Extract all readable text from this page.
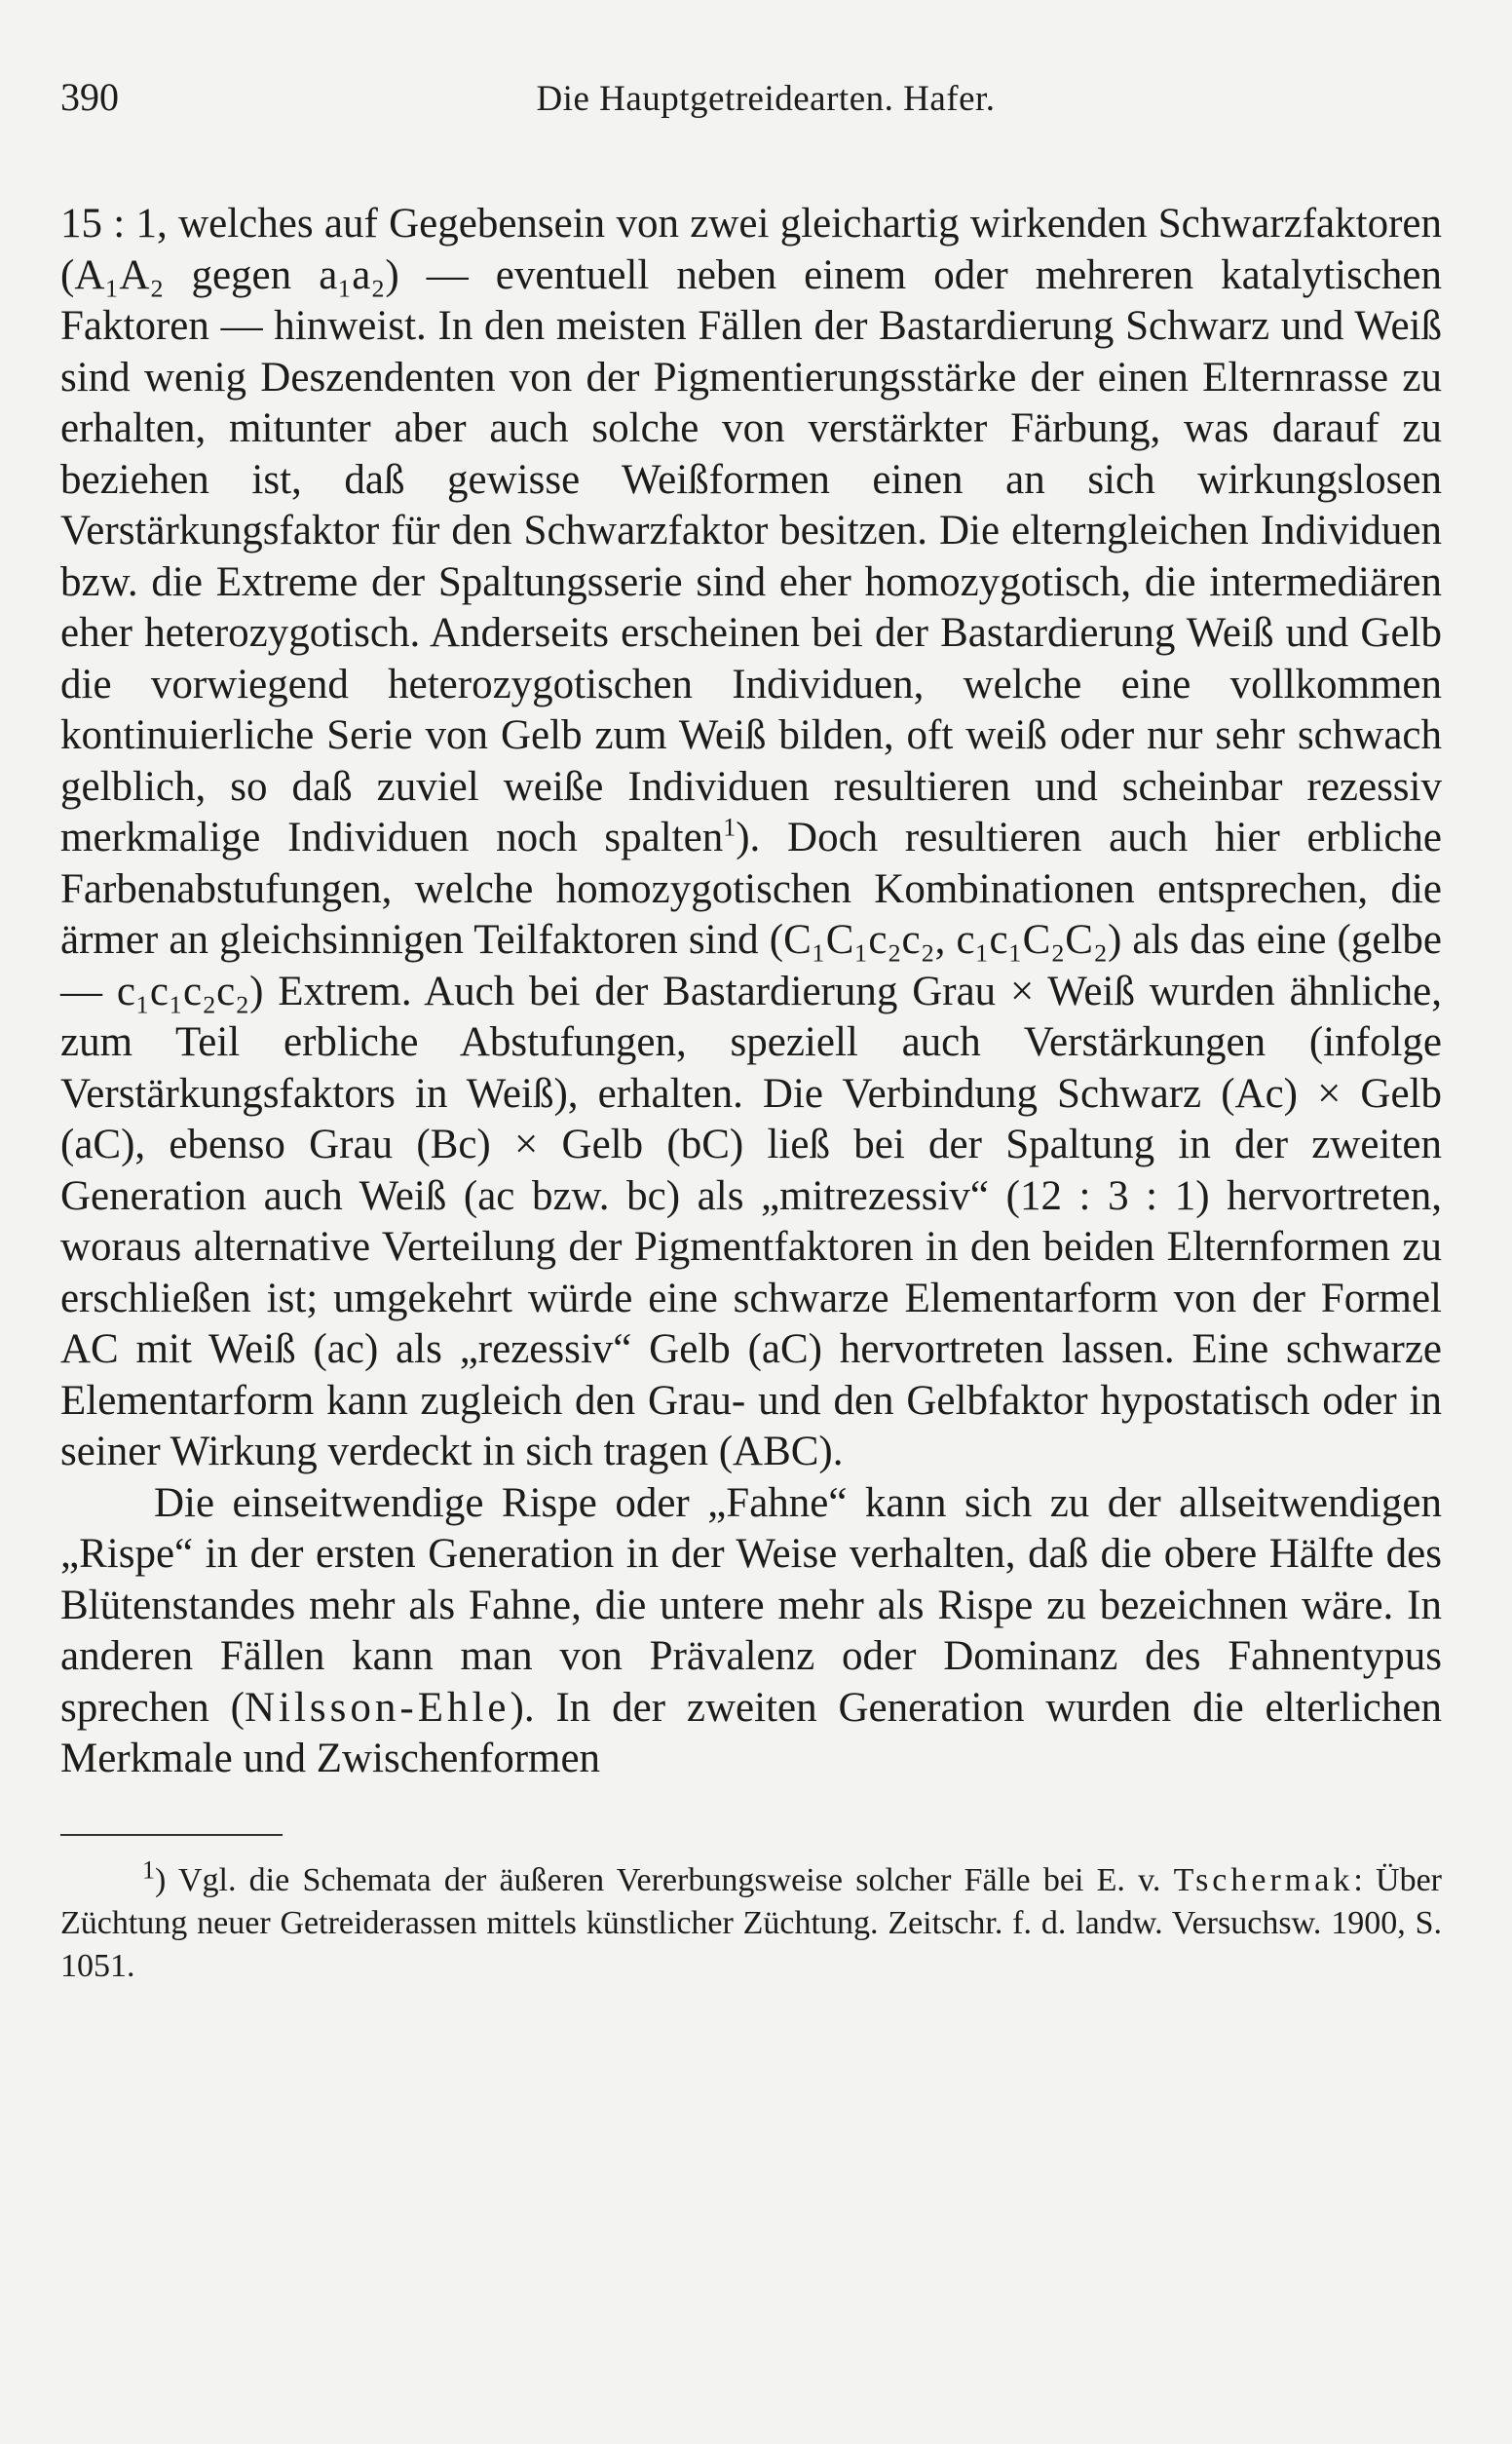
390	Die Hauptgetreidearten. Hafer.

15 : 1, welches auf Gegebensein von zwei gleichartig wirkenden Schwarzfaktoren (A₁A₂ gegen a₁a₂) — eventuell neben einem oder mehreren katalytischen Faktoren — hinweist. In den meisten Fällen der Bastardierung Schwarz und Weiß sind wenig Deszendenten von der Pigmentierungsstärke der einen Elternrasse zu erhalten, mitunter aber auch solche von verstärkter Färbung, was darauf zu beziehen ist, daß gewisse Weißformen einen an sich wirkungslosen Verstärkungsfaktor für den Schwarzfaktor besitzen. Die elterngleichen Individuen bzw. die Extreme der Spaltungsserie sind eher homozygotisch, die intermediären eher heterozygotisch. Anderseits erscheinen bei der Bastardierung Weiß und Gelb die vorwiegend heterozygotischen Individuen, welche eine vollkommen kontinuierliche Serie von Gelb zum Weiß bilden, oft weiß oder nur sehr schwach gelblich, so daß zuviel weiße Individuen resultieren und scheinbar rezessiv merkmalige Individuen noch spalten$^1$). Doch resultieren auch hier erbliche Farbenabstufungen, welche homozygotischen Kombinationen entsprechen, die ärmer an gleichsinnigen Teilfaktoren sind (C₁C₁c₂c₂, c₁c₁C₂C₂) als das eine (gelbe — c₁c₁c₂c₂) Extrem. Auch bei der Bastardierung Grau × Weiß wurden ähnliche, zum Teil erbliche Abstufungen, speziell auch Verstärkungen (infolge Verstärkungsfaktors in Weiß), erhalten. Die Verbindung Schwarz (Ac) × Gelb (aC), ebenso Grau (Bc) × Gelb (bC) ließ bei der Spaltung in der zweiten Generation auch Weiß (ac bzw. bc) als „mitrezessiv“ (12 : 3 : 1) hervortreten, woraus alternative Verteilung der Pigmentfaktoren in den beiden Elternformen zu erschließen ist; umgekehrt würde eine schwarze Elementarform von der Formel AC mit Weiß (ac) als „rezessiv“ Gelb (aC) hervortreten lassen. Eine schwarze Elementarform kann zugleich den Grau- und den Gelbfaktor hypostatisch oder in seiner Wirkung verdeckt in sich tragen (ABC).

Die einseitwendige Rispe oder „Fahne“ kann sich zu der allseitwendigen „Rispe“ in der ersten Generation in der Weise verhalten, daß die obere Hälfte des Blütenstandes mehr als Fahne, die untere mehr als Rispe zu bezeichnen wäre. In anderen Fällen kann man von Prävalenz oder Dominanz des Fahnentypus sprechen (Nilsson-Ehle). In der zweiten Generation wurden die elterlichen Merkmale und Zwischenformen

$^1$) Vgl. die Schemata der äußeren Vererbungsweise solcher Fälle bei E. v. Tschermak: Über Züchtung neuer Getreiderassen mittels künstlicher Züchtung. Zeitschr. f. d. landw. Versuchsw. 1900, S. 1051.
